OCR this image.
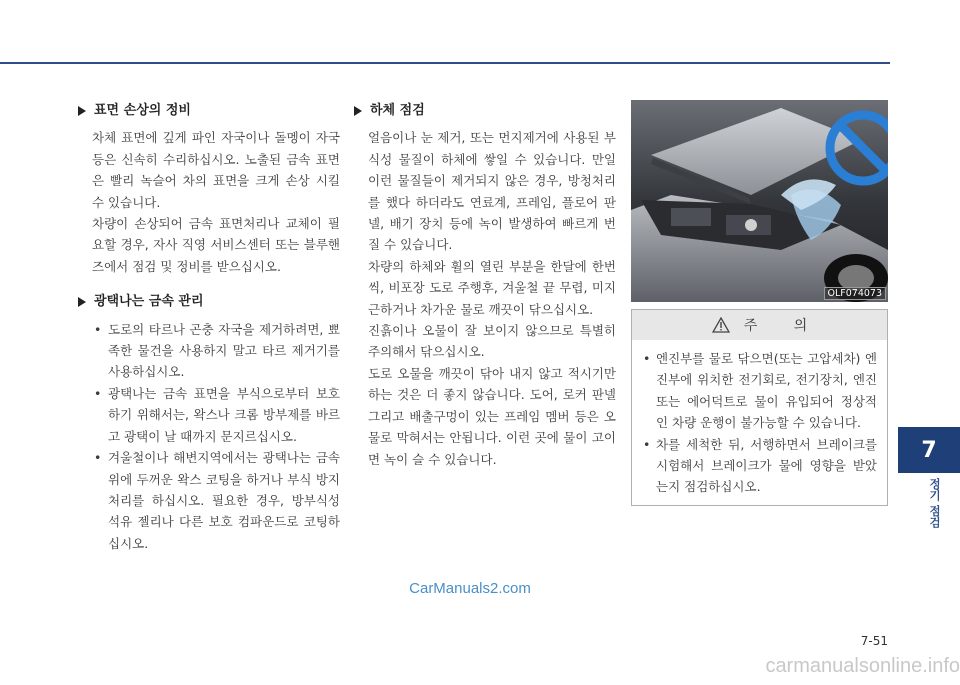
표면 손상의 정비

차체 표면에 깊게 파인 자국이나 돌멩이 자국 등은 신속히 수리하십시오. 노출된 금속 표면은 빨리 녹슬어 차의 표면을 크게 손상 시킬 수 있습니다.

차량이 손상되어 금속 표면처리나 교체이 필요할 경우, 자사 직영 서비스센터 또는 블루핸즈에서 점검 및 정비를 받으십시오.

광택나는 금속 관리
• 도로의 타르나 곤충 자국을 제거하려면, 뾰족한 물건을 사용하지 말고 타르 제거기를 사용하십시오.
• 광택나는 금속 표면을 부식으로부터 보호하기 위해서는, 왁스나 크롬 방부제를 바르고 광택이 날 때까지 문지르십시오.
• 겨울철이나 해변지역에서는 광택나는 금속 위에 두꺼운 왁스 코팅을 하거나 부식 방지 처리를 하십시오. 필요한 경우, 방부식성 석유 젤리나 다른 보호 컴파운드로 코팅하십시오.
하체 점검

얼음이나 눈 제거, 또는 먼지제거에 사용된 부식성 물질이 하체에 쌓일 수 있습니다. 만일 이런 물질들이 제거되지 않은 경우, 방청처리를 했다 하더라도 연료계, 프레임, 플로어 판넬, 배기 장치 등에 녹이 발생하여 빠르게 번질 수 있습니다.

차량의 하체와 휠의 열린 부분을 한달에 한번씩, 비포장 도로 주행후, 겨울철 끝 무렵, 미지근하거나 차가운 물로 깨끗이 닦으십시오.

진흙이나 오물이 잘 보이지 않으므로 특별히 주의해서 닦으십시오.

도로 오물을 깨끗이 닦아 내지 않고 적시기만 하는 것은 더 좋지 않습니다. 도어, 로커 판넬 그리고 배출구멍이 있는 프레임 멤버 등은 오물로 막혀서는 안됩니다. 이런 곳에 물이 고이면 녹이 슬 수 있습니다.

OLF074073
주 의
• 엔진부를 물로 닦으면(또는 고압세차) 엔진부에 위치한 전기회로, 전기장치, 엔진 또는 에어덕트로 물이 유입되어 정상적인 차량 운행이 불가능할 수 있습니다.
• 차를 세척한 뒤, 서행하면서 브레이크를 시험해서 브레이크가 물에 영향을 받았는지 점검하십시오.
7
정기 점검
CarManuals2.com
7-51
carmanualsonline.info
